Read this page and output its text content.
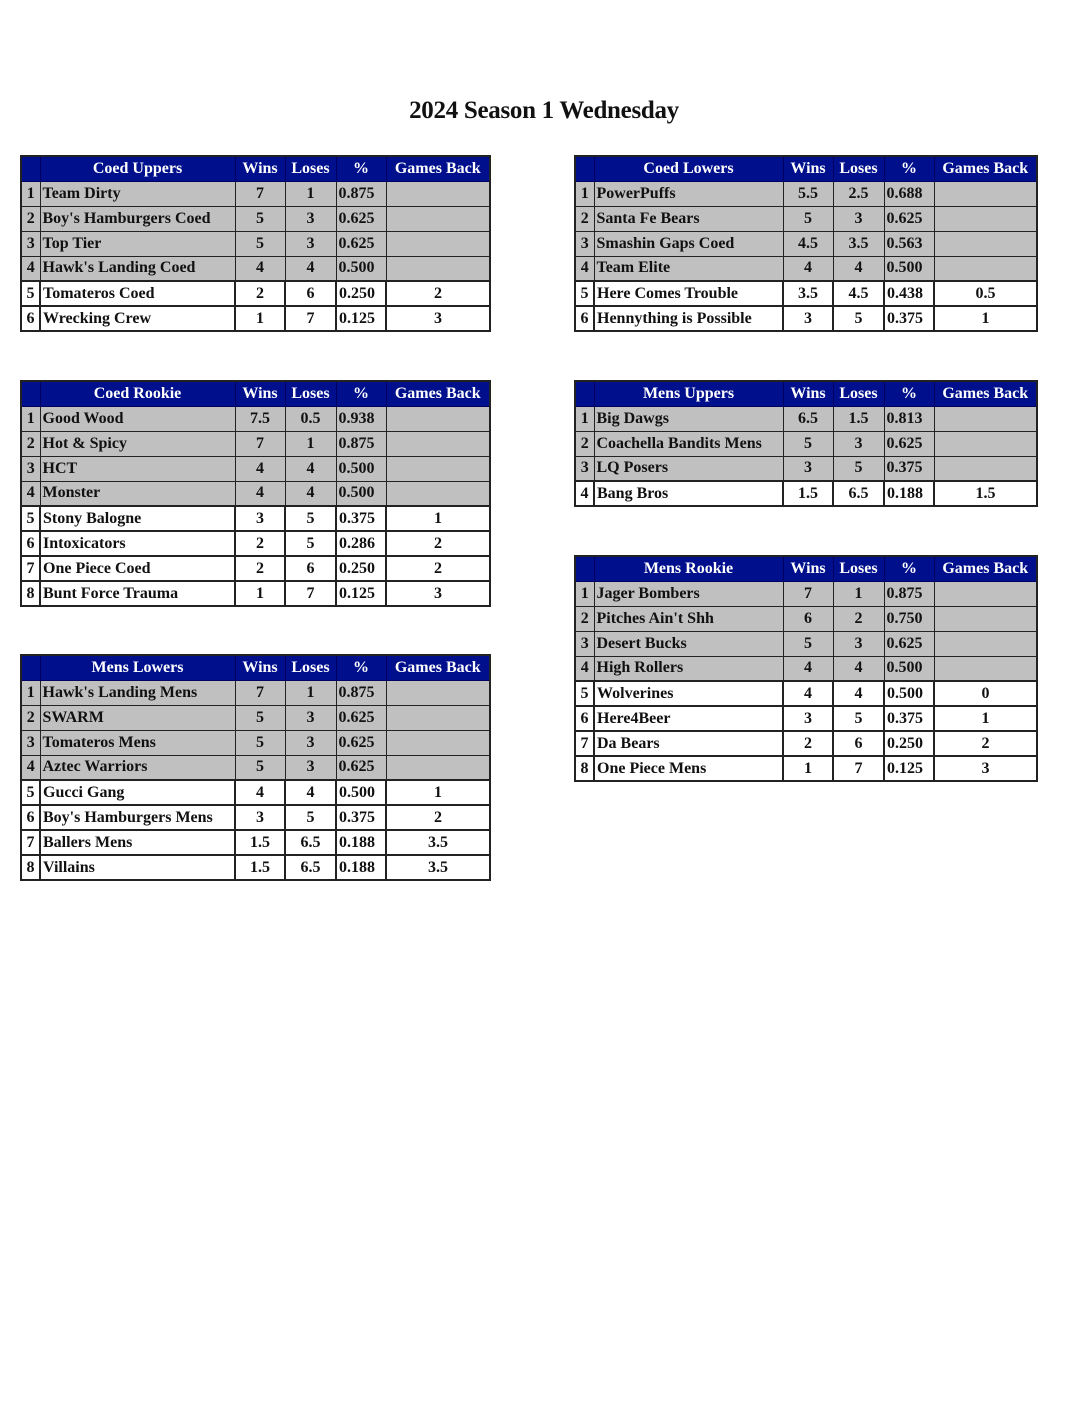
2024 Season 1 Wednesday
	Coed Uppers	Wins	Loses	%	Games Back
1	Team Dirty	7	1	0.875	
2	Boy's Hamburgers Coed	5	3	0.625	
3	Top Tier	5	3	0.625	
4	Hawk's Landing Coed	4	4	0.500	
5	Tomateros Coed	2	6	0.250	2
6	Wrecking Crew	1	7	0.125	3
	Coed Lowers	Wins	Loses	%	Games Back
1	PowerPuffs	5.5	2.5	0.688	
2	Santa Fe Bears	5	3	0.625	
3	Smashin Gaps Coed	4.5	3.5	0.563	
4	Team Elite	4	4	0.500	
5	Here Comes Trouble	3.5	4.5	0.438	0.5
6	Hennything is Possible	3	5	0.375	1
	Coed Rookie	Wins	Loses	%	Games Back
1	Good Wood	7.5	0.5	0.938	
2	Hot & Spicy	7	1	0.875	
3	HCT	4	4	0.500	
4	Monster	4	4	0.500	
5	Stony Balogne	3	5	0.375	1
6	Intoxicators	2	5	0.286	2
7	One Piece Coed	2	6	0.250	2
8	Bunt Force Trauma	1	7	0.125	3
	Mens Uppers	Wins	Loses	%	Games Back
1	Big Dawgs	6.5	1.5	0.813	
2	Coachella Bandits Mens	5	3	0.625	
3	LQ Posers	3	5	0.375	
4	Bang Bros	1.5	6.5	0.188	1.5
	Mens Rookie	Wins	Loses	%	Games Back
1	Jager Bombers	7	1	0.875	
2	Pitches Ain't Shh	6	2	0.750	
3	Desert Bucks	5	3	0.625	
4	High Rollers	4	4	0.500	
5	Wolverines	4	4	0.500	0
6	Here4Beer	3	5	0.375	1
7	Da Bears	2	6	0.250	2
8	One Piece Mens	1	7	0.125	3
	Mens Lowers	Wins	Loses	%	Games Back
1	Hawk's Landing Mens	7	1	0.875	
2	SWARM	5	3	0.625	
3	Tomateros Mens	5	3	0.625	
4	Aztec Warriors	5	3	0.625	
5	Gucci Gang	4	4	0.500	1
6	Boy's Hamburgers Mens	3	5	0.375	2
7	Ballers Mens	1.5	6.5	0.188	3.5
8	Villains	1.5	6.5	0.188	3.5
